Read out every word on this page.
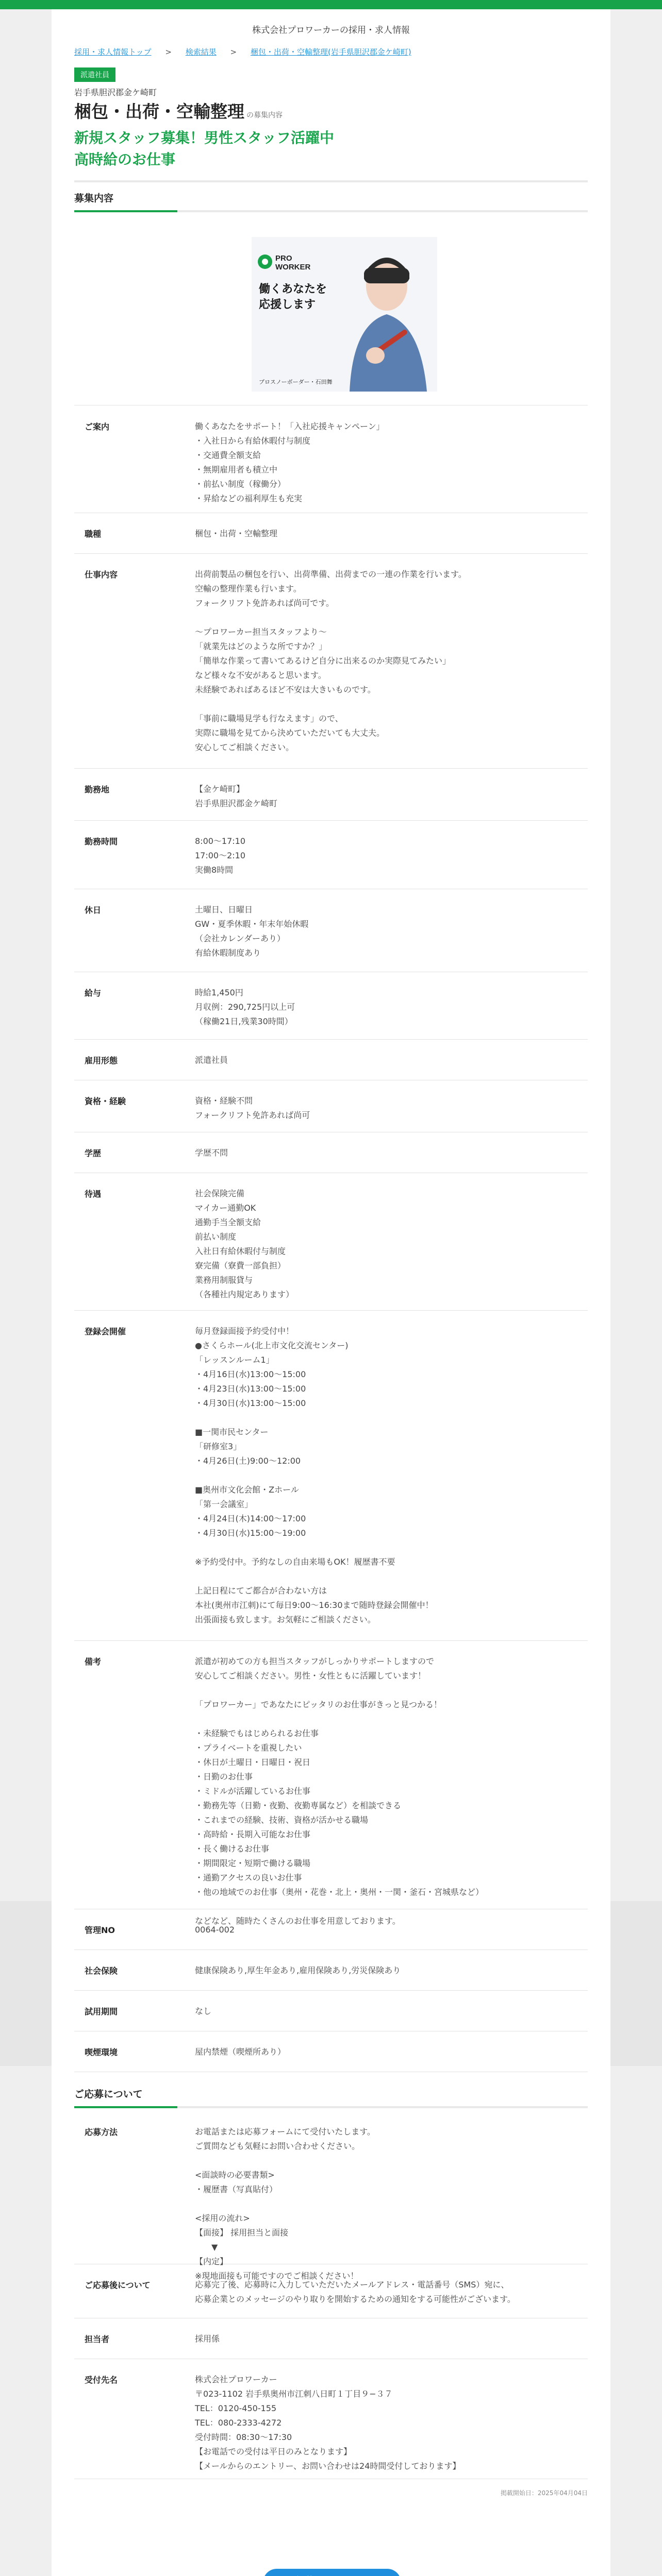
株式会社プロワーカーの採用・求人情報
採用・求人情報トップ > 検索結果 > 梱包・出荷・空輸整理(岩手県胆沢郡金ケ崎町)
派遣社員
岩手県胆沢郡金ケ崎町
梱包・出荷・空輸整理 の募集内容
新規スタッフ募集！男性スタッフ活躍中
高時給のお仕事
募集内容
PRO
WORKER
働くあなたを
応援します
プロスノーボーダー・石田舞
ご案内	働くあなたをサポート！「入社応援キャンペーン」
・入社日から有給休暇付与制度
・交通費全額支給
・無期雇用者も積立中
・前払い制度（稼働分）
・昇給などの福利厚生も充実
職種	梱包・出荷・空輸整理
仕事内容	出荷前製品の梱包を行い、出荷準備、出荷までの一連の作業を行います。
空輸の整理作業も行います。
フォークリフト免許あれば尚可です。

〜プロワーカー担当スタッフより〜
「就業先はどのような所ですか？」
「簡単な作業って書いてあるけど自分に出来るのか実際見てみたい」
など様々な不安があると思います。
未経験であればあるほど不安は大きいものです。

「事前に職場見学も行なえます」ので、
実際に職場を見てから決めていただいても大丈夫。
安心してご相談ください。
勤務地	【金ケ崎町】
岩手県胆沢郡金ケ崎町
勤務時間	8:00〜17:10
17:00〜2:10
実働8時間
休日	土曜日、日曜日
GW・夏季休暇・年末年始休暇
（会社カレンダーあり）
有給休暇制度あり
給与	時給1,450円
月収例：290,725円以上可
（稼働21日,残業30時間）
雇用形態	派遣社員
資格・経験	資格・経験不問
フォークリフト免許あれば尚可
学歴	学歴不問
待遇	社会保険完備
マイカー通勤OK
通勤手当全額支給
前払い制度
入社日有給休暇付与制度
寮完備（寮費一部負担）
業務用制服貸与
（各種社内規定あります）
登録会開催	毎月登録面接予約受付中！
●さくらホール(北上市文化交流センター)
「レッスンルーム1」
・4月16日(水)13:00〜15:00
・4月23日(水)13:00〜15:00
・4月30日(水)13:00〜15:00

■一関市民センター
「研修室3」
・4月26日(土)9:00〜12:00

■奥州市文化会館・Zホール
「第一会議室」
・4月24日(木)14:00〜17:00
・4月30日(水)15:00〜19:00

※予約受付中。予約なしの自由来場もOK！履歴書不要

上記日程にてご都合が合わない方は
本社(奥州市江刺)にて毎日9:00〜16:30まで随時登録会開催中！
出張面接も致します。お気軽にご相談ください。
備考	派遣が初めての方も担当スタッフがしっかりサポートしますので
安心してご相談ください。男性・女性ともに活躍しています！

「プロワーカー」であなたにピッタリのお仕事がきっと見つかる！

・未経験でもはじめられるお仕事
・プライベートを重視したい
・休日が土曜日・日曜日・祝日
・日勤のお仕事
・ミドルが活躍しているお仕事
・勤務先等（日勤・夜勤、夜勤専属など）を相談できる
・これまでの経験、技術、資格が活かせる職場
・高時給・長期入可能なお仕事
・長く働けるお仕事
・期間限定・短期で働ける職場
・通勤アクセスの良いお仕事
・他の地域でのお仕事（奥州・花巻・北上・奥州・一関・釜石・宮城県など）

などなど、随時たくさんのお仕事を用意しております。
管理NO	0064-002
社会保険	健康保険あり,厚生年金あり,雇用保険あり,労災保険あり
試用期間	なし
喫煙環境	屋内禁煙（喫煙所あり）
ご応募について
応募方法	お電話または応募フォームにて受付いたします。
ご質問なども気軽にお問い合わせください。

<面談時の必要書類>
・履歴書（写真貼付）

<採用の流れ>
【面接】 採用担当と面接
　　▼
【内定】
※現地面接も可能ですのでご相談ください！
ご応募後について	応募完了後、応募時に入力していただいたメールアドレス・電話番号（SMS）宛に、
応募企業とのメッセージのやり取りを開始するための通知をする可能性がございます。
担当者	採用係
受付先名	株式会社プロワーカー
〒023-1102 岩手県奥州市江刺八日町１丁目９−３７
TEL：0120-450-155
TEL：080-2333-4272
受付時間：08:30〜17:30
【お電話での受付は平日のみとなります】
【メールからのエントリー、お問い合わせは24時間受付しております】
掲載開始日：2025年04月04日
